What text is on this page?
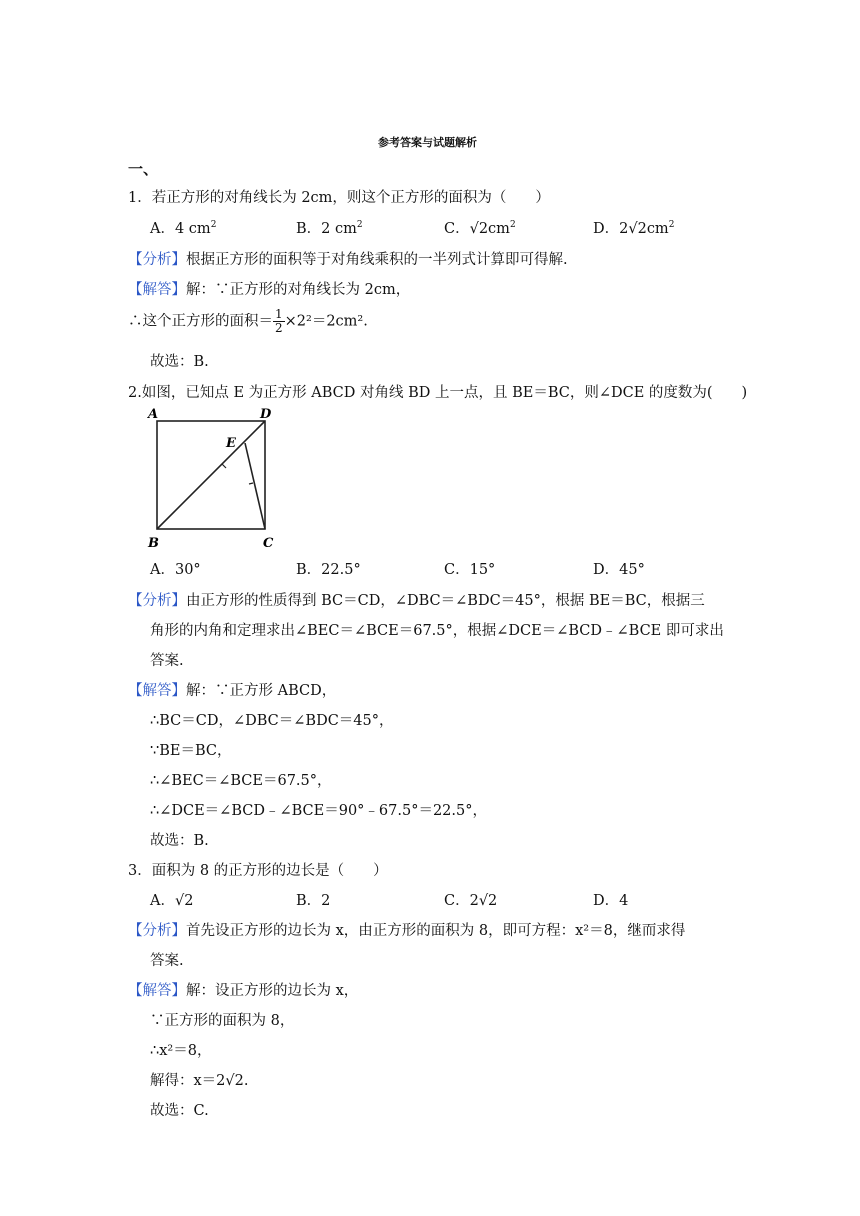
参考答案与试题解析
一、
1．若正方形的对角线长为 2cm，则这个正方形的面积为（　　）
A．4 $cm^2$	B．2 $cm^2$	C．$√2cm^2$	D．$2√2cm^2$
【分析】根据正方形的面积等于对角线乘积的一半列式计算即可得解.
【解答】解：∵正方形的对角线长为 2cm，
∴这个正方形的面积＝ $\frac{1}{2} \times 2^2=2cm^2$.
故选：B.
2.如图，已知点 E 为正方形 ABCD 对角线 BD 上一点，且 BE＝BC，则∠DCE 的度数为(　　)
A	D
B	C
E
A．30°	B．22.5°	C．15°	D．45°
【分析】由正方形的性质得到 BC＝CD，∠DBC＝∠BDC＝45°，根据 BE＝BC，根据三
角形的内角和定理求出∠BEC＝∠BCE＝67.5°，根据∠DCE＝∠BCD﹣∠BCE 即可求出
答案.
【解答】解：∵正方形 ABCD，
∴BC＝CD，∠DBC＝∠BDC＝45°，
∵BE＝BC，
∴∠BEC＝∠BCE＝67.5°，
∴∠DCE＝∠BCD﹣∠BCE＝90°﹣67.5°＝22.5°，
故选：B.
3．面积为 8 的正方形的边长是（　　）
A．√2	B．2	C．2√2	D．4
【分析】首先设正方形的边长为 x，由正方形的面积为 8，即可方程：x²＝8，继而求得
答案.
【解答】解：设正方形的边长为 x，
∵正方形的面积为 8，
∴x²＝8，
解得：x＝2√2.
故选：C.
